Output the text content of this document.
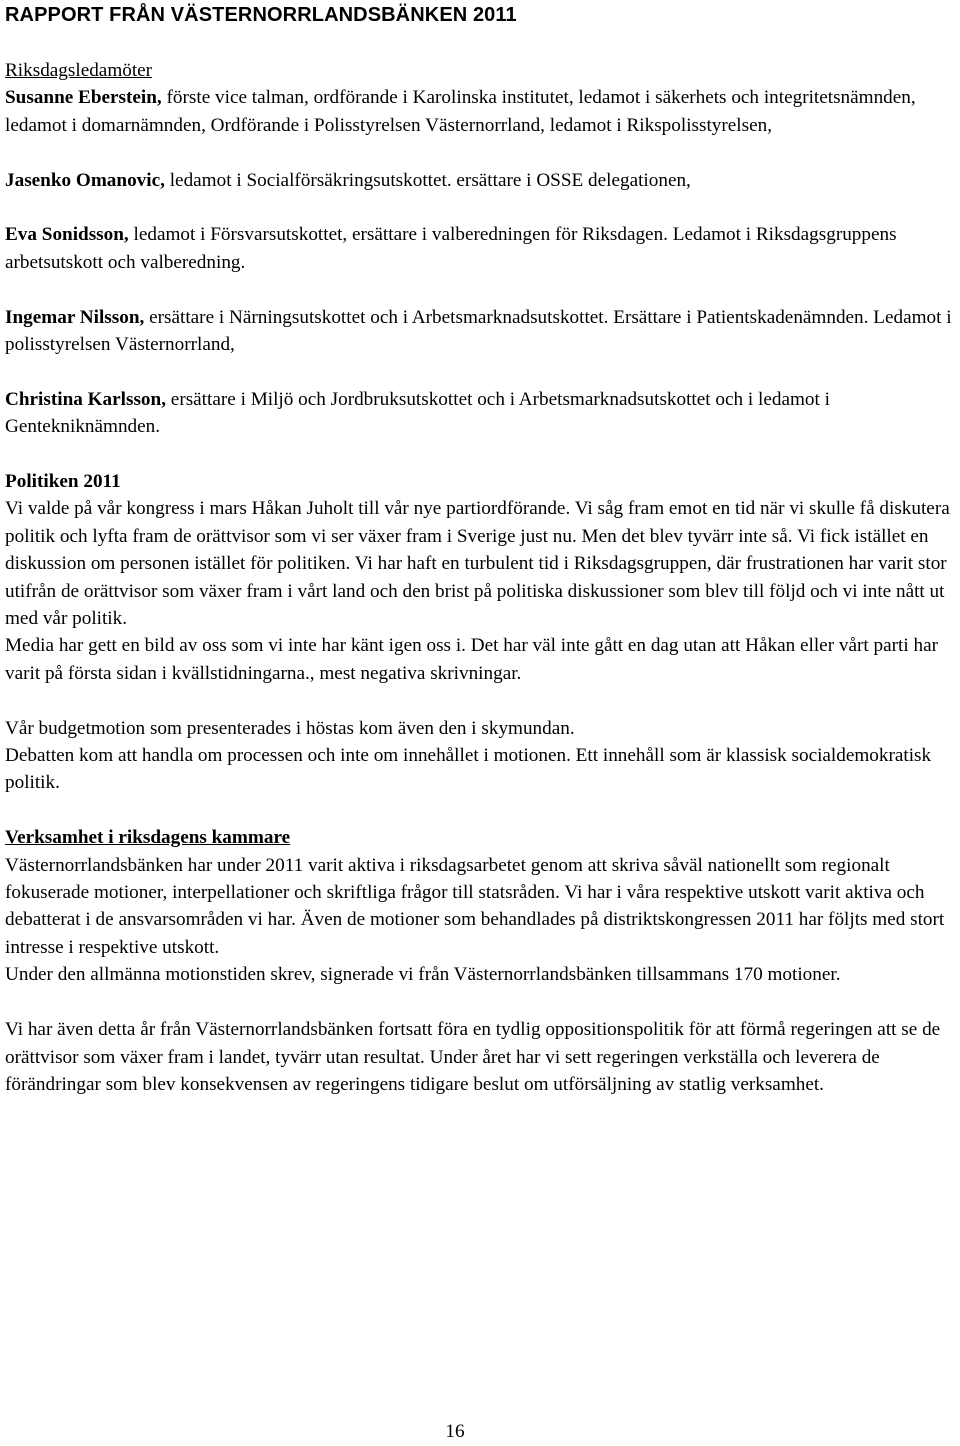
RAPPORT FRÅN VÄSTERNORRLANDSBÄNKEN 2011
Riksdagsledamöter
Susanne Eberstein, förste vice talman, ordförande i Karolinska institutet, ledamot i säkerhets och integritetsnämnden, ledamot i domarnämnden, Ordförande i Polisstyrelsen Västernorrland, ledamot i Rikspolisstyrelsen,
Jasenko Omanovic, ledamot i Socialförsäkringsutskottet. ersättare i OSSE delegationen,
Eva Sonidsson, ledamot i Försvarsutskottet, ersättare i valberedningen för Riksdagen. Ledamot i Riksdagsgruppens arbetsutskott och valberedning.
Ingemar Nilsson, ersättare i Närningsutskottet och i Arbetsmarknadsutskottet. Ersättare i Patientskadenämnden. Ledamot i polisstyrelsen Västernorrland,
Christina Karlsson, ersättare i Miljö och Jordbruksutskottet och i Arbetsmarknadsutskottet och i ledamot i Gentekniknämnden.
Politiken 2011
Vi valde på vår kongress i mars Håkan Juholt till vår nye partiordförande. Vi såg fram emot en tid när vi skulle få diskutera politik och lyfta fram de orättvisor som vi ser växer fram i Sverige just nu. Men det blev tyvärr inte så. Vi fick istället en diskussion om personen istället för politiken. Vi har haft en turbulent tid i Riksdagsgruppen, där frustrationen har varit stor utifrån de orättvisor som växer fram i vårt land och den brist på politiska diskussioner som blev till följd och vi inte nått ut med vår politik.
Media har gett en bild av oss som vi inte har känt igen oss i. Det har väl inte gått en dag utan att Håkan eller vårt parti har varit på första sidan i kvällstidningarna., mest negativa skrivningar.
Vår budgetmotion som presenterades i höstas kom även den i skymundan.
Debatten kom att handla om processen och inte om innehållet i motionen. Ett innehåll som är klassisk socialdemokratisk politik.
Verksamhet i riksdagens kammare
Västernorrlandsbänken har under 2011 varit aktiva i riksdagsarbetet genom att skriva såväl nationellt som regionalt fokuserade motioner, interpellationer och skriftliga frågor till statsråden. Vi har i våra respektive utskott varit aktiva och debatterat i de ansvarsområden vi har. Även de motioner som behandlades på distriktskongressen 2011 har följts med stort intresse i respektive utskott.
Under den allmänna motionstiden skrev, signerade vi från Västernorrlandsbänken tillsammans 170 motioner.
Vi har även detta år från Västernorrlandsbänken fortsatt föra en tydlig oppositionspolitik för att förmå regeringen att se de orättvisor som växer fram i landet, tyvärr utan resultat. Under året har vi sett regeringen verkställa och leverera de förändringar som blev konsekvensen av regeringens tidigare beslut om utförsäljning av statlig verksamhet.
16
